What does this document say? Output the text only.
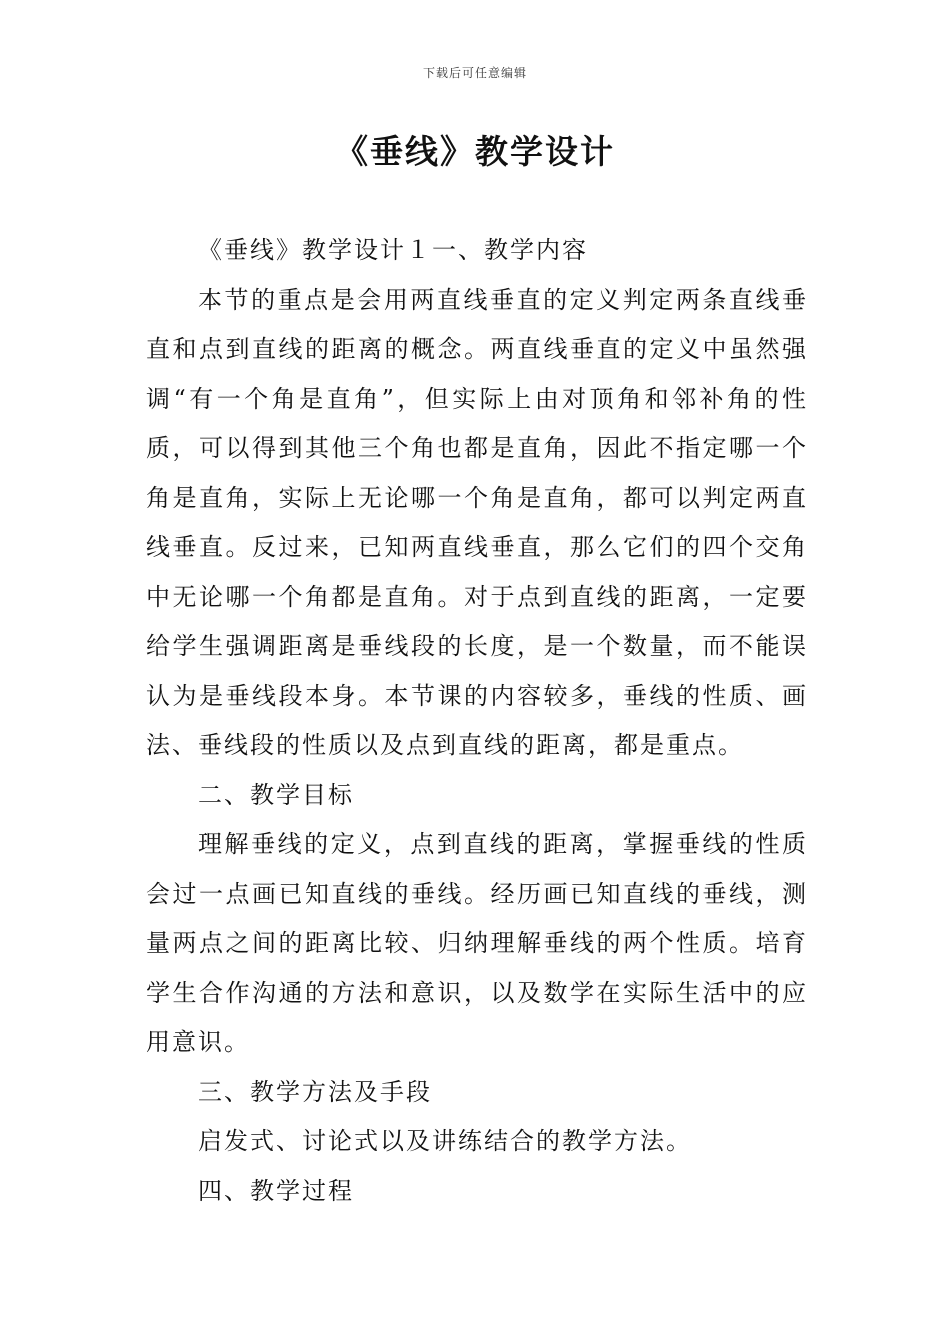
下载后可任意编辑
《垂线》教学设计

《垂线》教学设计１一、教学内容

本节的重点是会用两直线垂直的定义判定两条直线垂直和点到直线的距离的概念。两直线垂直的定义中虽然强调“有一个角是直角”，但实际上由对顶角和邻补角的性质，可以得到其他三个角也都是直角，因此不指定哪一个角是直角，实际上无论哪一个角是直角，都可以判定两直线垂直。反过来，已知两直线垂直，那么它们的四个交角中无论哪一个角都是直角。对于点到直线的距离，一定要给学生强调距离是垂线段的长度，是一个数量，而不能误认为是垂线段本身。本节课的内容较多，垂线的性质、画法、垂线段的性质以及点到直线的距离，都是重点。

二、教学目标

理解垂线的定义，点到直线的距离，掌握垂线的性质会过一点画已知直线的垂线。经历画已知直线的垂线，测量两点之间的距离比较、归纳理解垂线的两个性质。培育学生合作沟通的方法和意识，以及数学在实际生活中的应用意识。

三、教学方法及手段

启发式、讨论式以及讲练结合的教学方法。

四、教学过程
